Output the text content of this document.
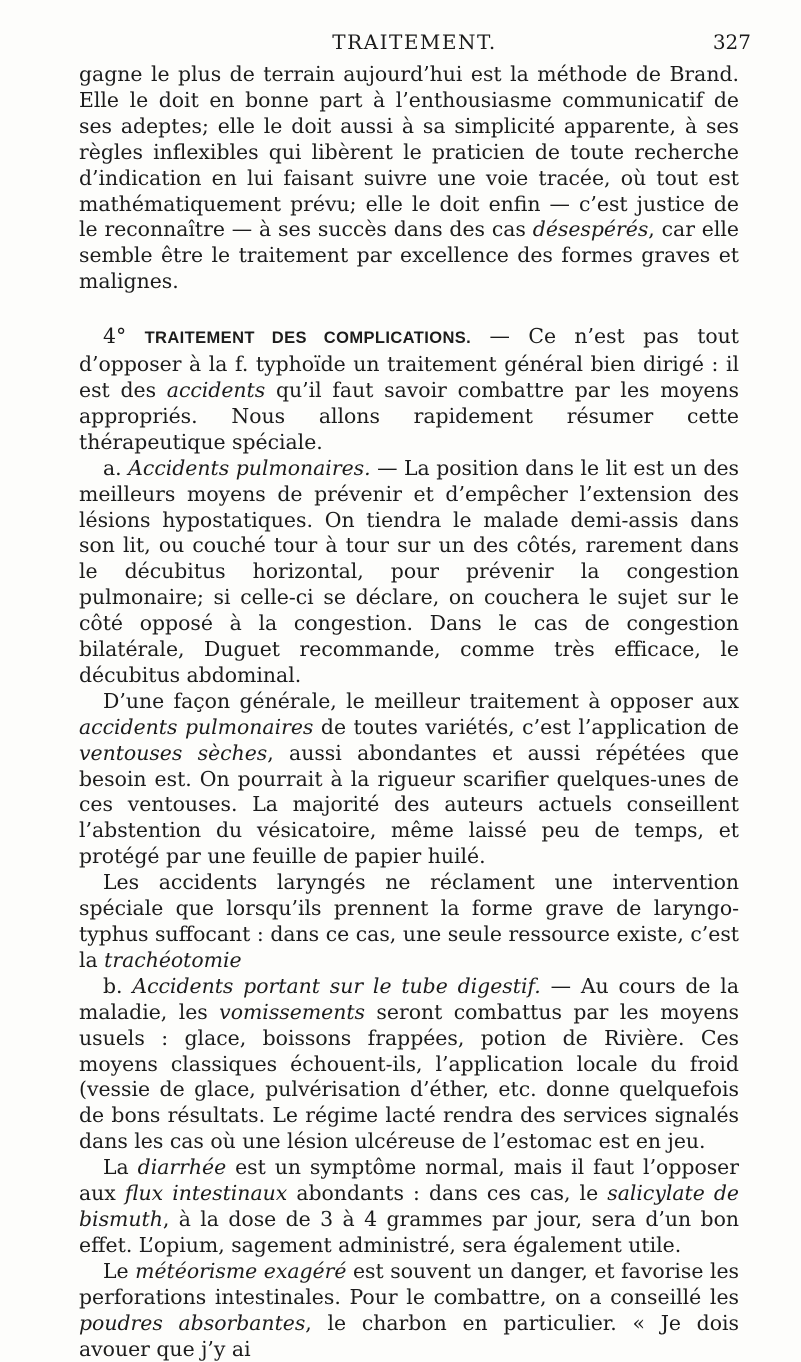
TRAITEMENT.	327

gagne le plus de terrain aujourd’hui est la méthode de Brand. Elle le doit en bonne part à l’enthousiasme communicatif de ses adeptes; elle le doit aussi à sa simplicité apparente, à ses règles inflexibles qui libèrent le praticien de toute recherche d’indication en lui faisant suivre une voie tracée, où tout est mathématiquement prévu; elle le doit enfin — c’est justice de le reconnaître — à ses succès dans des cas désespérés, car elle semble être le traitement par excellence des formes graves et malignes.

4° TRAITEMENT DES COMPLICATIONS. — Ce n’est pas tout d’opposer à la f. typhoïde un traitement général bien dirigé : il est des accidents qu’il faut savoir combattre par les moyens appropriés. Nous allons rapidement résumer cette thérapeutique spéciale.

a. Accidents pulmonaires. — La position dans le lit est un des meilleurs moyens de prévenir et d’empêcher l’extension des lésions hypostatiques. On tiendra le malade demi-assis dans son lit, ou couché tour à tour sur un des côtés, rarement dans le décubitus horizontal, pour prévenir la congestion pulmonaire; si celle-ci se déclare, on couchera le sujet sur le côté opposé à la congestion. Dans le cas de congestion bilatérale, Duguet recommande, comme très efficace, le décubitus abdominal.

D’une façon générale, le meilleur traitement à opposer aux accidents pulmonaires de toutes variétés, c’est l’application de ventouses sèches, aussi abondantes et aussi répétées que besoin est. On pourrait à la rigueur scarifier quelques-unes de ces ventouses. La majorité des auteurs actuels conseillent l’abstention du vésicatoire, même laissé peu de temps, et protégé par une feuille de papier huilé.

Les accidents laryngés ne réclament une intervention spéciale que lorsqu’ils prennent la forme grave de laryngo-typhus suffocant : dans ce cas, une seule ressource existe, c’est la trachéotomie

b. Accidents portant sur le tube digestif. — Au cours de la maladie, les vomissements seront combattus par les moyens usuels : glace, boissons frappées, potion de Rivière. Ces moyens classiques échouent-ils, l’application locale du froid (vessie de glace, pulvérisation d’éther, etc. donne quelquefois de bons résultats. Le régime lacté rendra des services signalés dans les cas où une lésion ulcéreuse de l’estomac est en jeu.

La diarrhée est un symptôme normal, mais il faut l’opposer aux flux intestinaux abondants : dans ces cas, le salicylate de bismuth, à la dose de 3 à 4 grammes par jour, sera d’un bon effet. L’opium, sagement administré, sera également utile.

Le météorisme exagéré est souvent un danger, et favorise les perforations intestinales. Pour le combattre, on a conseillé les poudres absorbantes, le charbon en particulier. « Je dois avouer que j’y ai
